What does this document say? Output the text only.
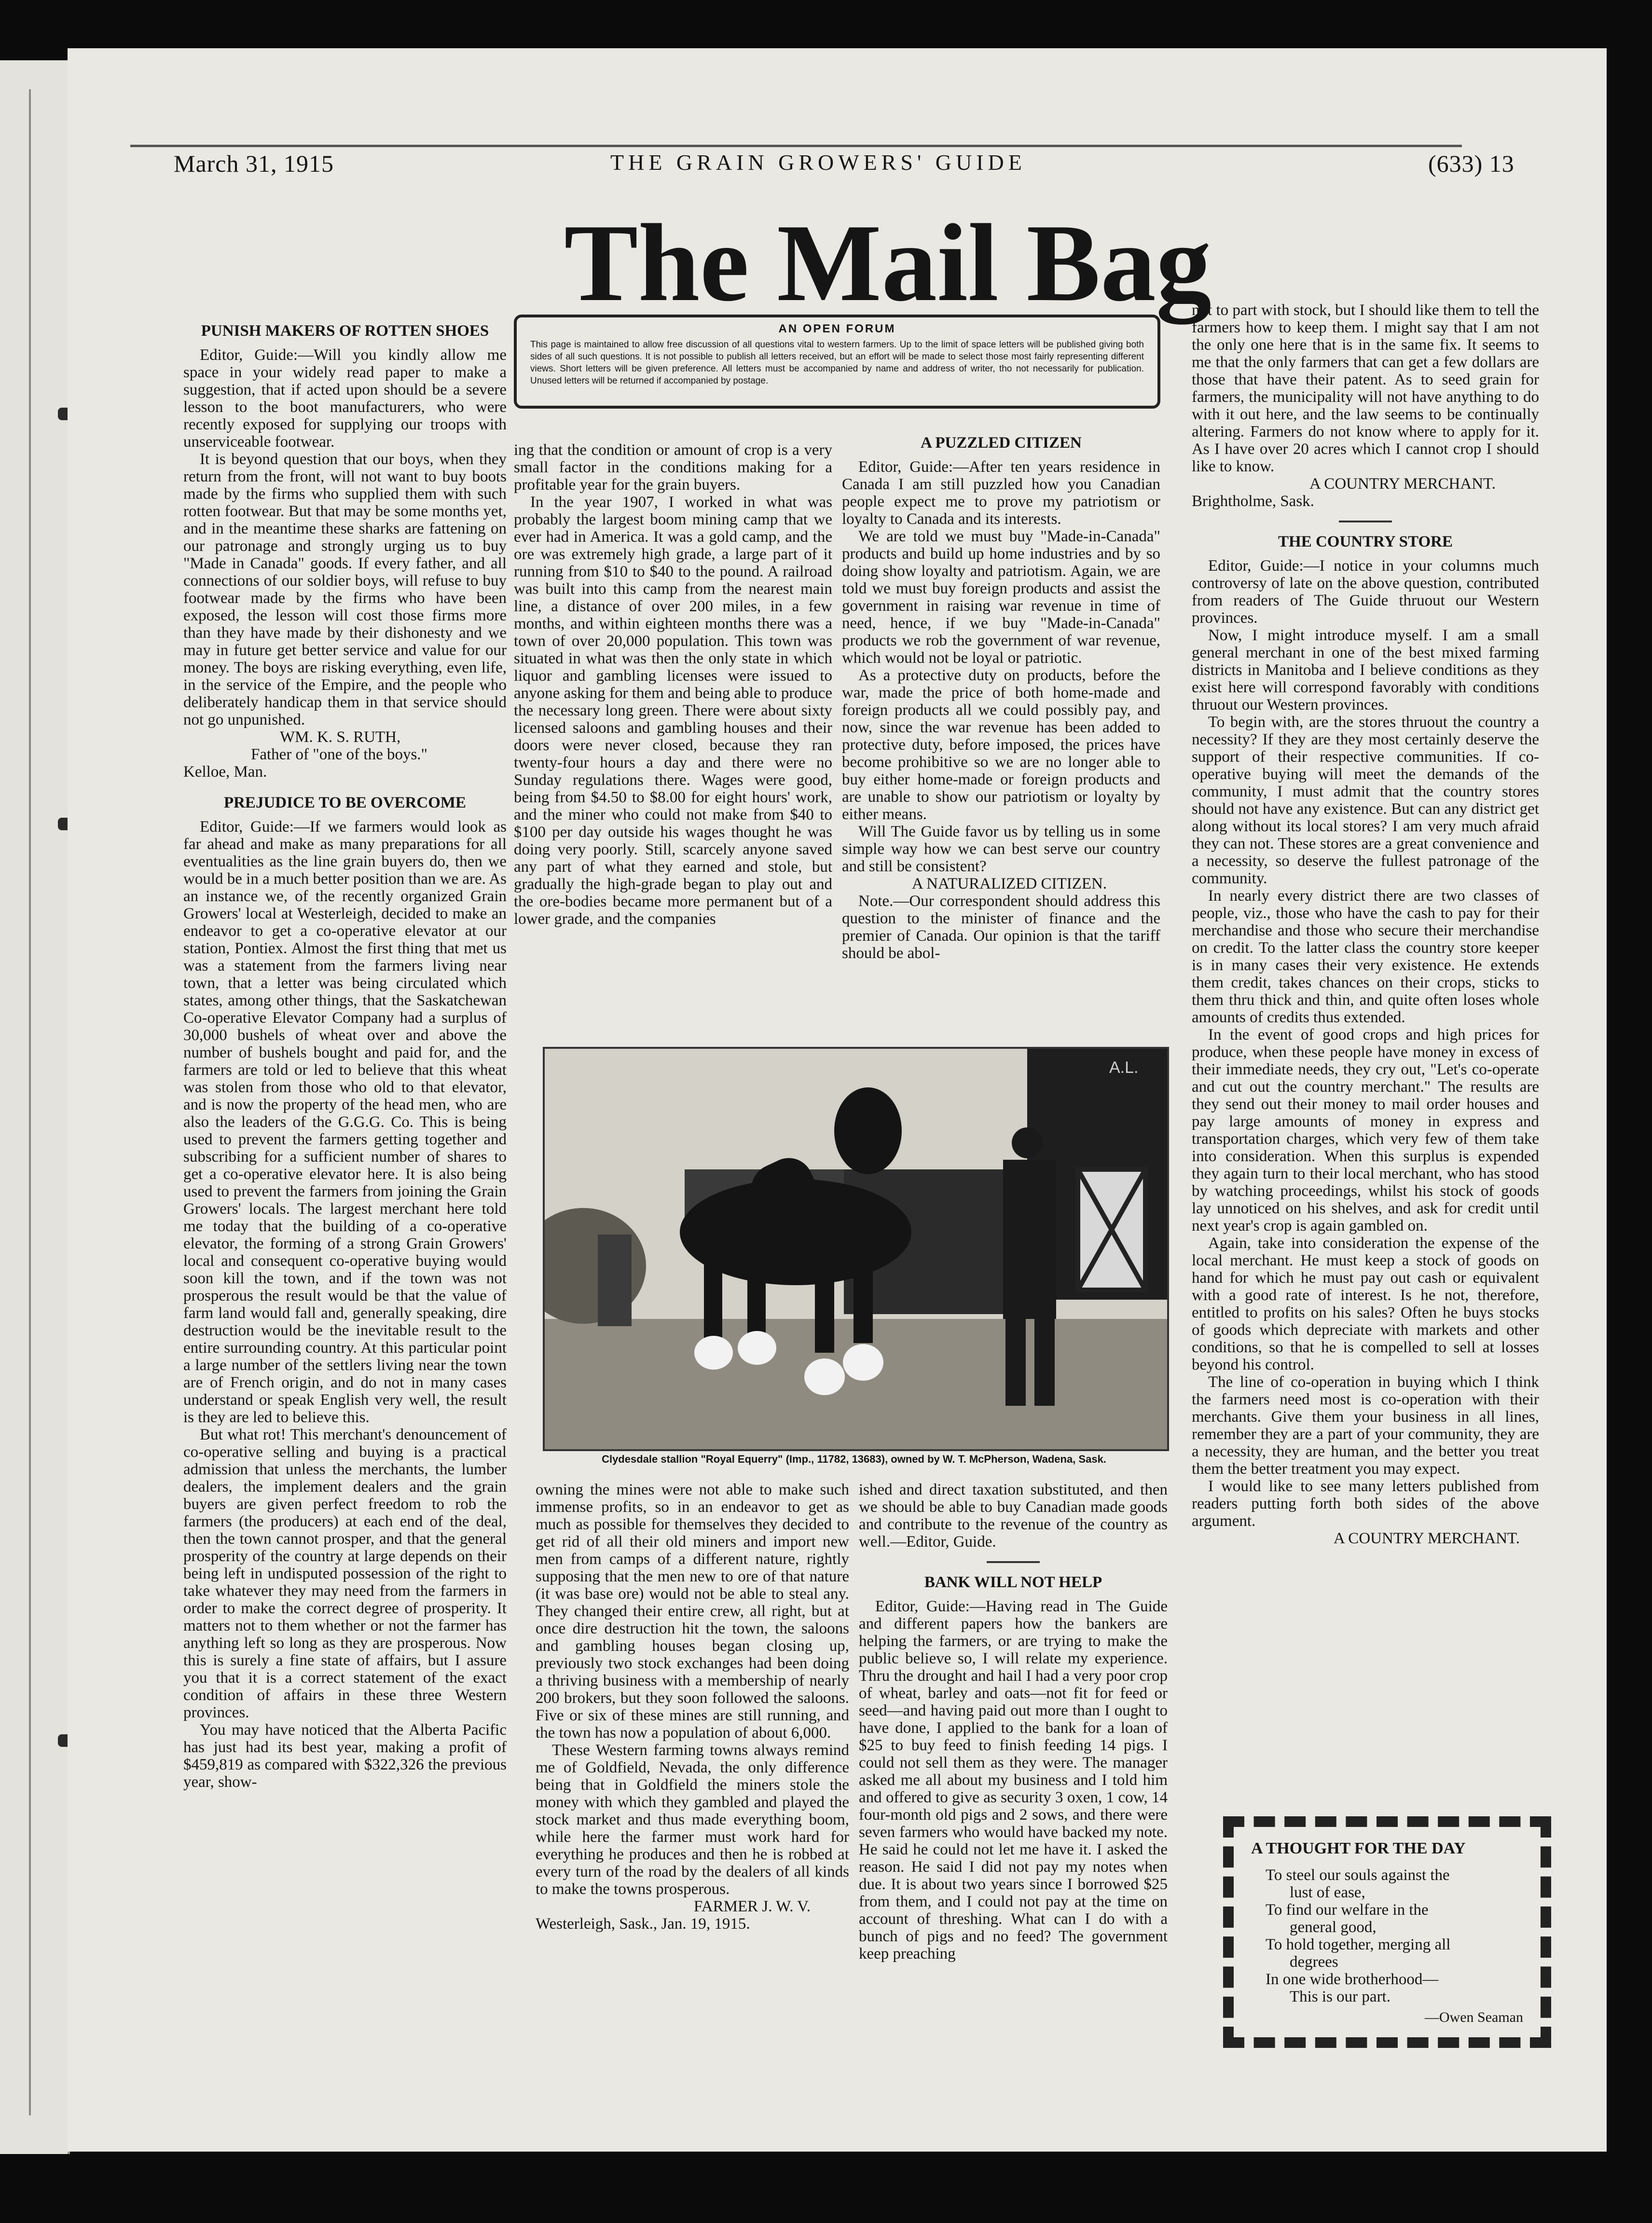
March 31, 1915	THE GRAIN GROWERS' GUIDE	(633) 13
The Mail Bag
AN OPEN FORUM
This page is maintained to allow free discussion of all questions vital to western farmers. Up to the limit of space letters will be published giving both sides of all such questions. It is not possible to publish all letters received, but an effort will be made to select those most fairly representing different views. Short letters will be given preference. All letters must be accompanied by name and address of writer, tho not necessarily for publication. Unused letters will be returned if accompanied by postage.
PUNISH MAKERS OF ROTTEN SHOES

Editor, Guide:—Will you kindly allow me space in your widely read paper to make a suggestion, that if acted upon should be a severe lesson to the boot manufacturers, who were recently exposed for supplying our troops with unserviceable footwear.

It is beyond question that our boys, when they return from the front, will not want to buy boots made by the firms who supplied them with such rotten footwear. But that may be some months yet, and in the meantime these sharks are fattening on our patronage and strongly urging us to buy "Made in Canada" goods. If every father, and all connections of our soldier boys, will refuse to buy footwear made by the firms who have been exposed, the lesson will cost those firms more than they have made by their dishonesty and we may in future get better service and value for our money. The boys are risking everything, even life, in the service of the Empire, and the people who deliberately handicap them in that service should not go unpunished.

WM. K. S. RUTH,

Father of "one of the boys."

Kelloe, Man.

PREJUDICE TO BE OVERCOME

Editor, Guide:—If we farmers would look as far ahead and make as many preparations for all eventualities as the line grain buyers do, then we would be in a much better position than we are. As an instance we, of the recently organized Grain Growers' local at Westerleigh, decided to make an endeavor to get a co-operative elevator at our station, Pontiex. Almost the first thing that met us was a statement from the farmers living near town, that a letter was being circulated which states, among other things, that the Saskatchewan Co-operative Elevator Company had a surplus of 30,000 bushels of wheat over and above the number of bushels bought and paid for, and the farmers are told or led to believe that this wheat was stolen from those who old to that elevator, and is now the property of the head men, who are also the leaders of the G.G.G. Co. This is being used to prevent the farmers getting together and subscribing for a sufficient number of shares to get a co-operative elevator here. It is also being used to prevent the farmers from joining the Grain Growers' locals. The largest merchant here told me today that the building of a co-operative elevator, the forming of a strong Grain Growers' local and consequent co-operative buying would soon kill the town, and if the town was not prosperous the result would be that the value of farm land would fall and, generally speaking, dire destruction would be the inevitable result to the entire surrounding country. At this particular point a large number of the settlers living near the town are of French origin, and do not in many cases understand or speak English very well, the result is they are led to believe this.

But what rot! This merchant's denouncement of co-operative selling and buying is a practical admission that unless the merchants, the lumber dealers, the implement dealers and the grain buyers are given perfect freedom to rob the farmers (the producers) at each end of the deal, then the town cannot prosper, and that the general prosperity of the country at large depends on their being left in undisputed possession of the right to take whatever they may need from the farmers in order to make the correct degree of prosperity. It matters not to them whether or not the farmer has anything left so long as they are prosperous. Now this is surely a fine state of affairs, but I assure you that it is a correct statement of the exact condition of affairs in these three Western provinces.

You may have noticed that the Alberta Pacific has just had its best year, making a profit of $459,819 as compared with $322,326 the previous year, show-

ing that the condition or amount of crop is a very small factor in the conditions making for a profitable year for the grain buyers.

In the year 1907, I worked in what was probably the largest boom mining camp that we ever had in America. It was a gold camp, and the ore was extremely high grade, a large part of it running from $10 to $40 to the pound. A railroad was built into this camp from the nearest main line, a distance of over 200 miles, in a few months, and within eighteen months there was a town of over 20,000 population. This town was situated in what was then the only state in which liquor and gambling licenses were issued to anyone asking for them and being able to produce the necessary long green. There were about sixty licensed saloons and gambling houses and their doors were never closed, because they ran twenty-four hours a day and there were no Sunday regulations there. Wages were good, being from $4.50 to $8.00 for eight hours' work, and the miner who could not make from $40 to $100 per day outside his wages thought he was doing very poorly. Still, scarcely anyone saved any part of what they earned and stole, but gradually the high-grade began to play out and the ore-bodies became more permanent but of a lower grade, and the companies

A PUZZLED CITIZEN

Editor, Guide:—After ten years residence in Canada I am still puzzled how you Canadian people expect me to prove my patriotism or loyalty to Canada and its interests.

We are told we must buy "Made-in-Canada" products and build up home industries and by so doing show loyalty and patriotism. Again, we are told we must buy foreign products and assist the government in raising war revenue in time of need, hence, if we buy "Made-in-Canada" products we rob the government of war revenue, which would not be loyal or patriotic.

As a protective duty on products, before the war, made the price of both home-made and foreign products all we could possibly pay, and now, since the war revenue has been added to protective duty, before imposed, the prices have become prohibitive so we are no longer able to buy either home-made or foreign products and are unable to show our patriotism or loyalty by either means.

Will The Guide favor us by telling us in some simple way how we can best serve our country and still be consistent?

A NATURALIZED CITIZEN.

Note.—Our correspondent should address this question to the minister of finance and the premier of Canada. Our opinion is that the tariff should be abol-

A.L.
Clydesdale stallion "Royal Equerry" (Imp., 11782, 13683), owned by W. T. McPherson, Wadena, Sask.

owning the mines were not able to make such immense profits, so in an endeavor to get as much as possible for themselves they decided to get rid of all their old miners and import new men from camps of a different nature, rightly supposing that the men new to ore of that nature (it was base ore) would not be able to steal any. They changed their entire crew, all right, but at once dire destruction hit the town, the saloons and gambling houses began closing up, previously two stock exchanges had been doing a thriving business with a membership of nearly 200 brokers, but they soon followed the saloons. Five or six of these mines are still running, and the town has now a population of about 6,000.

These Western farming towns always remind me of Goldfield, Nevada, the only difference being that in Goldfield the miners stole the money with which they gambled and played the stock market and thus made everything boom, while here the farmer must work hard for everything he produces and then he is robbed at every turn of the road by the dealers of all kinds to make the towns prosperous.

FARMER J. W. V.

Westerleigh, Sask., Jan. 19, 1915.

ished and direct taxation substituted, and then we should be able to buy Canadian made goods and contribute to the revenue of the country as well.—Editor, Guide.

BANK WILL NOT HELP

Editor, Guide:—Having read in The Guide and different papers how the bankers are helping the farmers, or are trying to make the public believe so, I will relate my experience. Thru the drought and hail I had a very poor crop of wheat, barley and oats—not fit for feed or seed—and having paid out more than I ought to have done, I applied to the bank for a loan of $25 to buy feed to finish feeding 14 pigs. I could not sell them as they were. The manager asked me all about my business and I told him and offered to give as security 3 oxen, 1 cow, 14 four-month old pigs and 2 sows, and there were seven farmers who would have backed my note. He said he could not let me have it. I asked the reason. He said I did not pay my notes when due. It is about two years since I borrowed $25 from them, and I could not pay at the time on account of threshing. What can I do with a bunch of pigs and no feed? The government keep preaching

not to part with stock, but I should like them to tell the farmers how to keep them. I might say that I am not the only one here that is in the same fix. It seems to me that the only farmers that can get a few dollars are those that have their patent. As to seed grain for farmers, the municipality will not have anything to do with it out here, and the law seems to be continually altering. Farmers do not know where to apply for it. As I have over 20 acres which I cannot crop I should like to know.

A COUNTRY MERCHANT.

Brightholme, Sask.

THE COUNTRY STORE

Editor, Guide:—I notice in your columns much controversy of late on the above question, contributed from readers of The Guide thruout our Western provinces.

Now, I might introduce myself. I am a small general merchant in one of the best mixed farming districts in Manitoba and I believe conditions as they exist here will correspond favorably with conditions thruout our Western provinces.

To begin with, are the stores thruout the country a necessity? If they are they most certainly deserve the support of their respective communities. If co-operative buying will meet the demands of the community, I must admit that the country stores should not have any existence. But can any district get along without its local stores? I am very much afraid they can not. These stores are a great convenience and a necessity, so deserve the fullest patronage of the community.

In nearly every district there are two classes of people, viz., those who have the cash to pay for their merchandise and those who secure their merchandise on credit. To the latter class the country store keeper is in many cases their very existence. He extends them credit, takes chances on their crops, sticks to them thru thick and thin, and quite often loses whole amounts of credits thus extended.

In the event of good crops and high prices for produce, when these people have money in excess of their immediate needs, they cry out, "Let's co-operate and cut out the country merchant." The results are they send out their money to mail order houses and pay large amounts of money in express and transportation charges, which very few of them take into consideration. When this surplus is expended they again turn to their local merchant, who has stood by watching proceedings, whilst his stock of goods lay unnoticed on his shelves, and ask for credit until next year's crop is again gambled on.

Again, take into consideration the expense of the local merchant. He must keep a stock of goods on hand for which he must pay out cash or equivalent with a good rate of interest. Is he not, therefore, entitled to profits on his sales? Often he buys stocks of goods which depreciate with markets and other conditions, so that he is compelled to sell at losses beyond his control.

The line of co-operation in buying which I think the farmers need most is co-operation with their merchants. Give them your business in all lines, remember they are a part of your community, they are a necessity, they are human, and the better you treat them the better treatment you may expect.

I would like to see many letters published from readers putting forth both sides of the above argument.

A COUNTRY MERCHANT.

A THOUGHT FOR THE DAY

To steel our souls against the

lust of ease,

To find our welfare in the

general good,

To hold together, merging all

degrees

In one wide brotherhood—

This is our part.

—Owen Seaman
